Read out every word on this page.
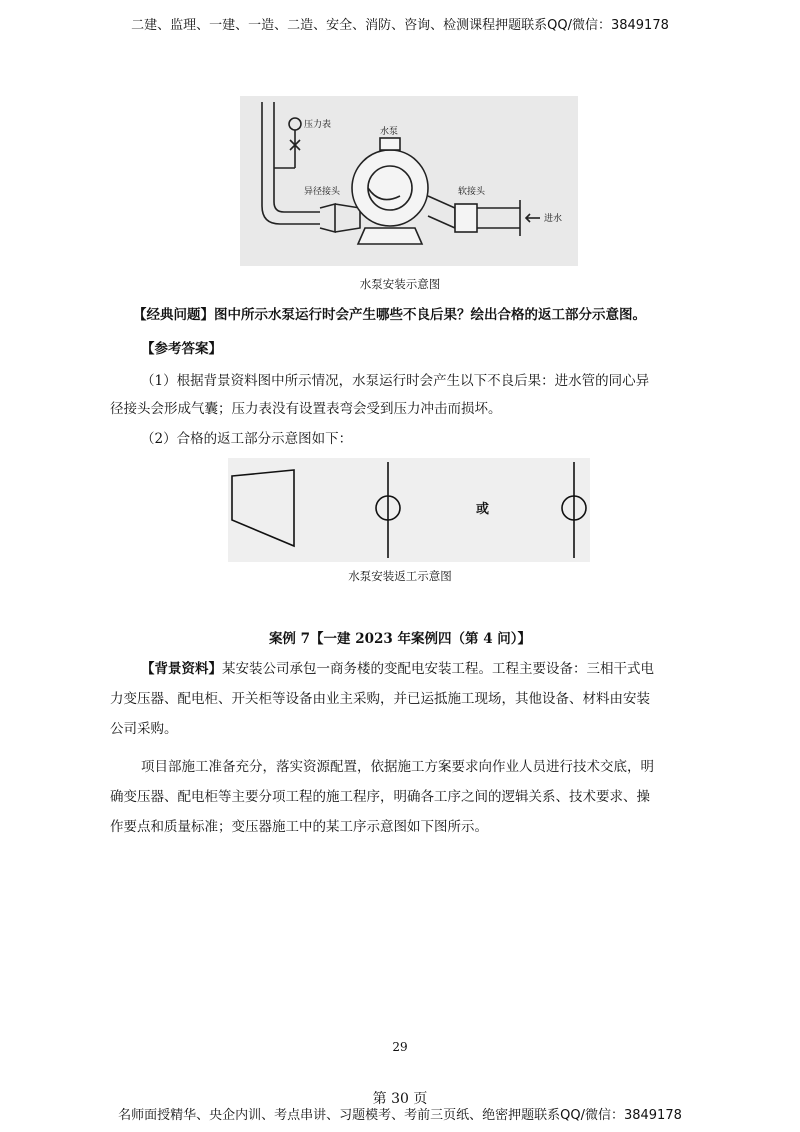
二建、监理、一建、一造、二造、安全、消防、咨询、检测课程押题联系QQ/微信：3849178
压力表
水泵
异径接头	软接头
进水
水泵安装示意图
【经典问题】图中所示水泵运行时会产生哪些不良后果？绘出合格的返工部分示意图。
【参考答案】
（1）根据背景资料图中所示情况，水泵运行时会产生以下不良后果：进水管的同心异
径接头会形成气囊；压力表没有设置表弯会受到压力冲击而损坏。
（2）合格的返工部分示意图如下：
或
水泵安装返工示意图
案例 7【一建 2023 年案例四（第 4 问）】
【背景资料】某安装公司承包一商务楼的变配电安装工程。工程主要设备：三相干式电
力变压器、配电柜、开关柜等设备由业主采购，并已运抵施工现场，其他设备、材料由安装
公司采购。
项目部施工准备充分，落实资源配置，依据施工方案要求向作业人员进行技术交底，明
确变压器、配电柜等主要分项工程的施工程序，明确各工序之间的逻辑关系、技术要求、操
作要点和质量标准；变压器施工中的某工序示意图如下图所示。
29
第 30 页
名师面授精华、央企内训、考点串讲、习题模考、考前三页纸、绝密押题联系QQ/微信：3849178
